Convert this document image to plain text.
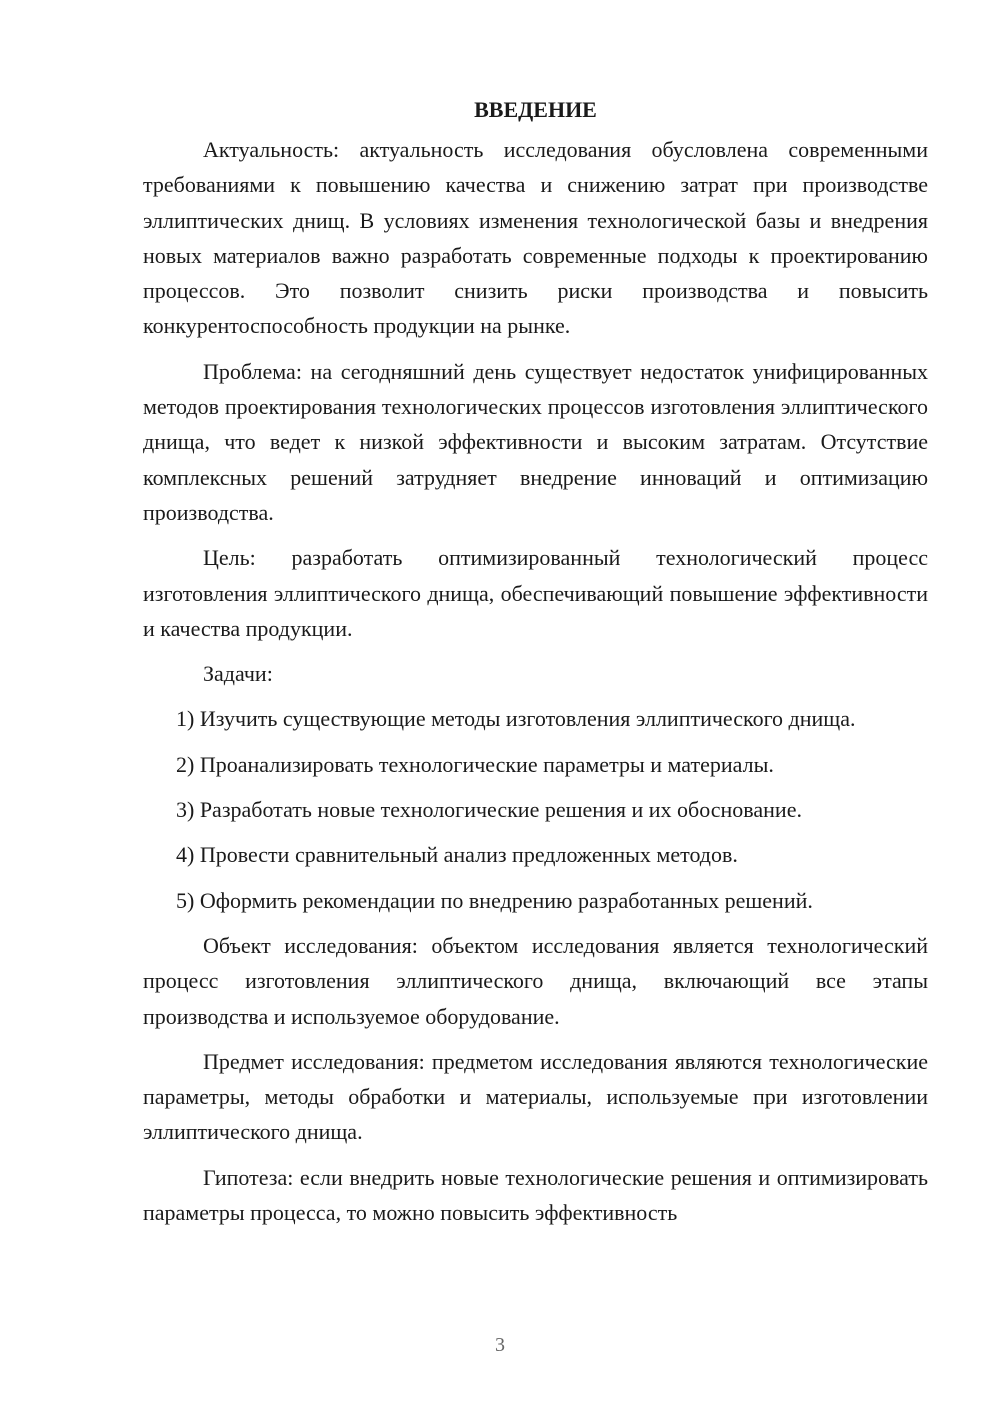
ВВЕДЕНИЕ

Актуальность: актуальность исследования обусловлена современными требованиями к повышению качества и снижению затрат при производстве эллиптических днищ. В условиях изменения технологической базы и внедрения новых материалов важно разработать современные подходы к проектированию процессов. Это позволит снизить риски производства и повысить конкурентоспособность продукции на рынке.

Проблема: на сегодняшний день существует недостаток унифицированных методов проектирования технологических процессов изготовления эллиптического днища, что ведет к низкой эффективности и высоким затратам. Отсутствие комплексных решений затрудняет внедрение инноваций и оптимизацию производства.

Цель: разработать оптимизированный технологический процесс изготовления эллиптического днища, обеспечивающий повышение эффективности и качества продукции.

Задачи:

1) Изучить существующие методы изготовления эллиптического днища.

2) Проанализировать технологические параметры и материалы.

3) Разработать новые технологические решения и их обоснование.

4) Провести сравнительный анализ предложенных методов.

5) Оформить рекомендации по внедрению разработанных решений.

Объект исследования: объектом исследования является технологический процесс изготовления эллиптического днища, включающий все этапы производства и используемое оборудование.

Предмет исследования: предметом исследования являются технологические параметры, методы обработки и материалы, используемые при изготовлении эллиптического днища.

Гипотеза: если внедрить новые технологические решения и оптимизировать параметры процесса, то можно повысить эффективность

3
